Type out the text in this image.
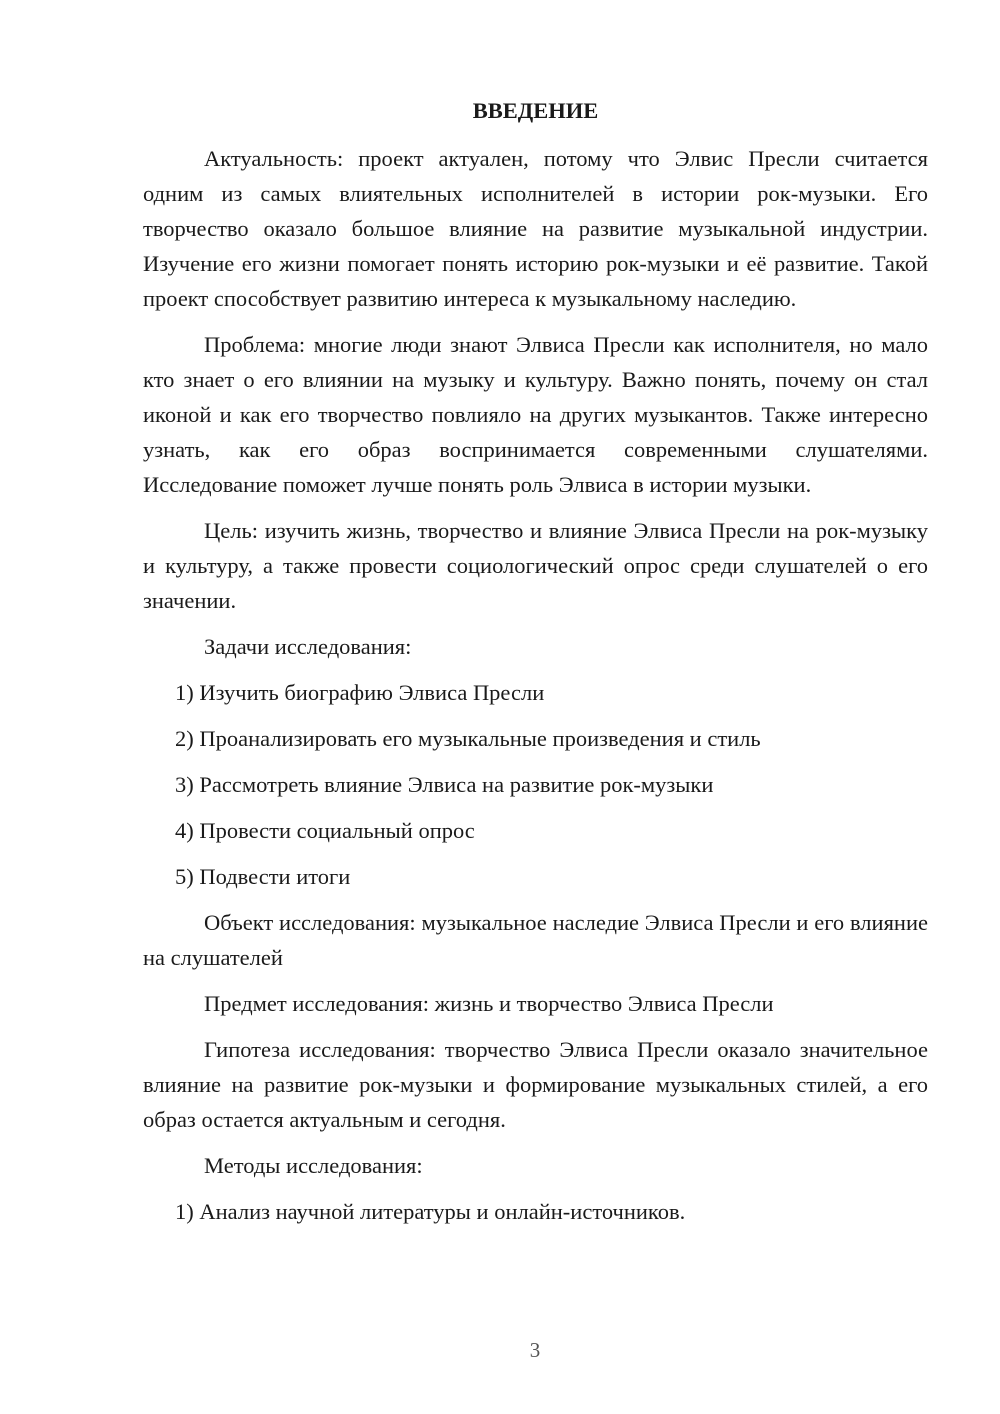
ВВЕДЕНИЕ

Актуальность: проект актуален, потому что Элвис Пресли считается одним из самых влиятельных исполнителей в истории рок-музыки. Его творчество оказало большое влияние на развитие музыкальной индустрии. Изучение его жизни помогает понять историю рок-музыки и её развитие. Такой проект способствует развитию интереса к музыкальному наследию.

Проблема: многие люди знают Элвиса Пресли как исполнителя, но мало кто знает о его влиянии на музыку и культуру. Важно понять, почему он стал иконой и как его творчество повлияло на других музыкантов. Также интересно узнать, как его образ воспринимается современными слушателями. Исследование поможет лучше понять роль Элвиса в истории музыки.

Цель: изучить жизнь, творчество и влияние Элвиса Пресли на рок-музыку и культуру, а также провести социологический опрос среди слушателей о его значении.

Задачи исследования:

1) Изучить биографию Элвиса Пресли

2) Проанализировать его музыкальные произведения и стиль

3) Рассмотреть влияние Элвиса на развитие рок-музыки

4) Провести социальный опрос

5) Подвести итоги

Объект исследования: музыкальное наследие Элвиса Пресли и его влияние на слушателей

Предмет исследования: жизнь и творчество Элвиса Пресли

Гипотеза исследования: творчество Элвиса Пресли оказало значительное влияние на развитие рок-музыки и формирование музыкальных стилей, а его образ остается актуальным и сегодня.

Методы исследования:

1) Анализ научной литературы и онлайн-источников.

3
